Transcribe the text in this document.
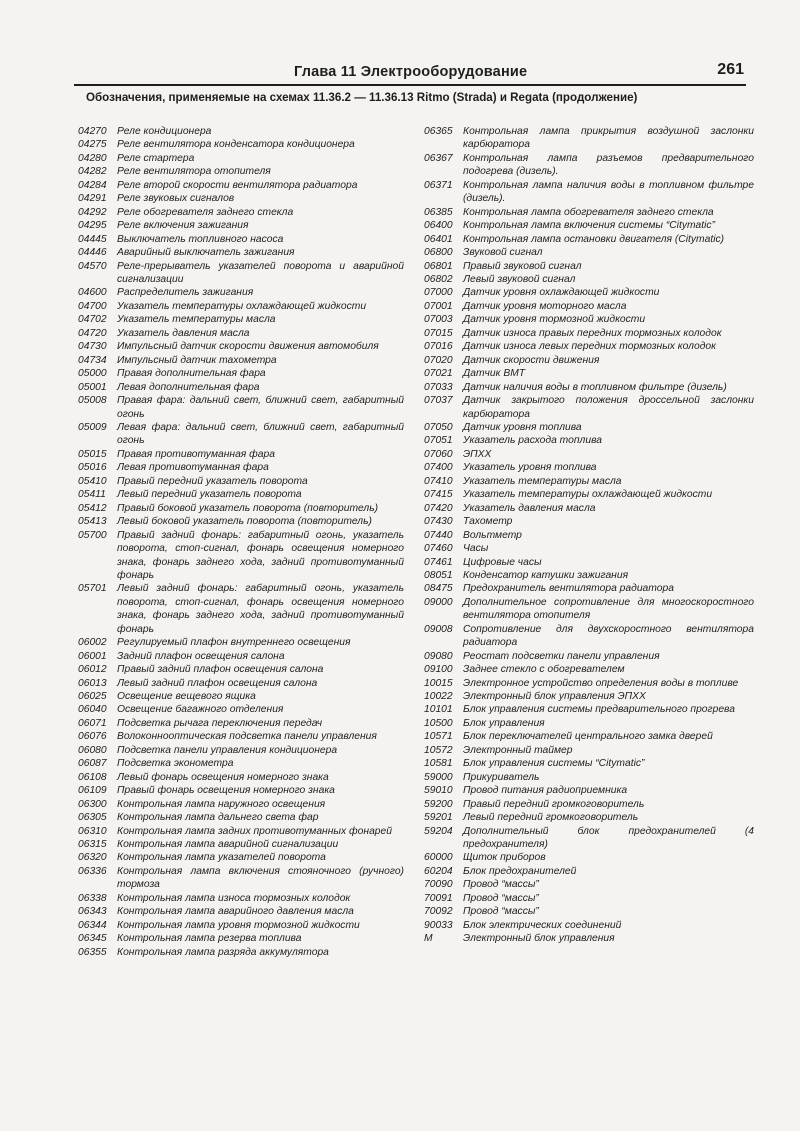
Глава 11 Электрооборудование	261
Обозначения, применяемые на схемах 11.36.2 — 11.36.13 Ritmo (Strada) и Regata (продолжение)
04270	Реле кондиционера
04275	Реле вентилятора конденсатора кондиционера
04280	Реле стартера
04282	Реле вентилятора отопителя
04284	Реле второй скорости вентилятора радиатора
04291	Реле звуковых сигналов
04292	Реле обогревателя заднего стекла
04295	Реле включения зажигания
04445	Выключатель топливного насоса
04446	Аварийный выключатель зажигания
04570	Реле-прерыватель указателей поворота и аварийной сигнализации
04600	Распределитель зажигания
04700	Указатель температуры охлаждающей жидкости
04702	Указатель температуры масла
04720	Указатель давления масла
04730	Импульсный датчик скорости движения автомобиля
04734	Импульсный датчик тахометра
05000	Правая дополнительная фара
05001	Левая дополнительная фара
05008	Правая фара: дальний свет, ближний свет, габаритный огонь
05009	Левая фара: дальний свет, ближний свет, габаритный огонь
05015	Правая противотуманная фара
05016	Левая противотуманная фара
05410	Правый передний указатель поворота
05411	Левый передний указатель поворота
05412	Правый боковой указатель поворота (повторитель)
05413	Левый боковой указатель поворота (повторитель)
05700	Правый задний фонарь: габаритный огонь, указатель поворота, стоп-сигнал, фонарь освещения номерного знака, фонарь заднего хода, задний противотуманный фонарь
05701	Левый задний фонарь: габаритный огонь, указатель поворота, стоп-сигнал, фонарь освещения номерного знака, фонарь заднего хода, задний противотуманный фонарь
06002	Регулируемый плафон внутреннего освещения
06001	Задний плафон освещения салона
06012	Правый задний плафон освещения салона
06013	Левый задний плафон освещения салона
06025	Освещение вещевого ящика
06040	Освещение багажного отделения
06071	Подсветка рычага переключения передач
06076	Волоконнооптическая подсветка панели управления
06080	Подсветка панели управления кондиционера
06087	Подсветка эконометра
06108	Левый фонарь освещения номерного знака
06109	Правый фонарь освещения номерного знака
06300	Контрольная лампа наружного освещения
06305	Контрольная лампа дальнего света фар
06310	Контрольная лампа задних противотуманных фонарей
06315	Контрольная лампа аварийной сигнализации
06320	Контрольная лампа указателей поворота
06336	Контрольная лампа включения стояночного (ручного) тормоза
06338	Контрольная лампа износа тормозных колодок
06343	Контрольная лампа аварийного давления масла
06344	Контрольная лампа уровня тормозной жидкости
06345	Контрольная лампа резерва топлива
06355	Контрольная лампа разряда аккумулятора
06365	Контрольная лампа прикрытия воздушной заслонки карбюратора
06367	Контрольная лампа разъемов предварительного подогрева (дизель).
06371	Контрольная лампа наличия воды в топливном фильтре (дизель).
06385	Контрольная лампа обогревателя заднего стекла
06400	Контрольная лампа включения системы “Citymatic”
06401	Контрольная лампа остановки двигателя (Citymatic)
06800	Звуковой сигнал
06801	Правый звуковой сигнал
06802	Левый звуковой сигнал
07000	Датчик уровня охлаждающей жидкости
07001	Датчик уровня моторного масла
07003	Датчик уровня тормозной жидкости
07015	Датчик износа правых передних тормозных колодок
07016	Датчик износа левых передних тормозных колодок
07020	Датчик скорости движения
07021	Датчик ВМТ
07033	Датчик наличия воды в топливном фильтре (дизель)
07037	Датчик закрытого положения дроссельной заслонки карбюратора
07050	Датчик уровня топлива
07051	Указатель расхода топлива
07060	ЭПХХ
07400	Указатель уровня топлива
07410	Указатель температуры масла
07415	Указатель температуры охлаждающей жидкости
07420	Указатель давления масла
07430	Тахометр
07440	Вольтметр
07460	Часы
07461	Цифровые часы
08051	Конденсатор катушки зажигания
08475	Предохранитель вентилятора радиатора
09000	Дополнительное сопротивление для многоскоростного вентилятора отопителя
09008	Сопротивление для двухскоростного вентилятора радиатора
09080	Реостат подсветки панели управления
09100	Заднее стекло с обогревателем
10015	Электронное устройство определения воды в топливе
10022	Электронный блок управления ЭПХХ
10101	Блок управления системы предварительного прогрева
10500	Блок управления
10571	Блок переключателей центрального замка дверей
10572	Электронный таймер
10581	Блок управления системы “Citymatic”
59000	Прикуриватель
59010	Провод питания радиоприемника
59200	Правый передний громкоговоритель
59201	Левый передний громкоговоритель
59204	Дополнительный блок предохранителей (4 предохранителя)
60000	Щиток приборов
60204	Блок предохранителей
70090	Провод “массы”
70091	Провод “массы”
70092	Провод “массы”
90033	Блок электрических соединений
M	Электронный блок управления
